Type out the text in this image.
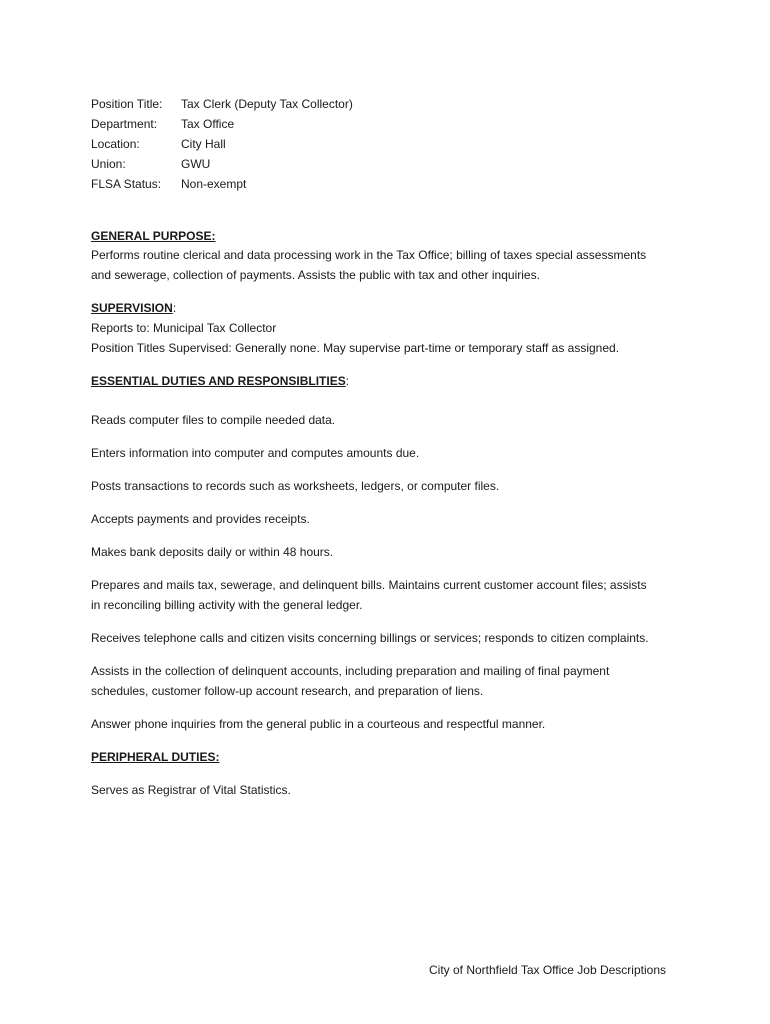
Position Title:	Tax Clerk (Deputy Tax Collector)
Department:	Tax Office
Location:	City Hall
Union:	GWU
FLSA Status:	Non-exempt
GENERAL PURPOSE:
Performs routine clerical and data processing work in the Tax Office; billing of taxes special assessments
and sewerage, collection of payments. Assists the public with tax and other inquiries.
SUPERVISION:
Reports to: Municipal Tax Collector
Position Titles Supervised: Generally none. May supervise part-time or temporary staff as assigned.
ESSENTIAL DUTIES AND RESPONSIBLITIES:
Reads computer files to compile needed data.
Enters information into computer and computes amounts due.
Posts transactions to records such as worksheets, ledgers, or computer files.
Accepts payments and provides receipts.
Makes bank deposits daily or within 48 hours.
Prepares and mails tax, sewerage, and delinquent bills. Maintains current customer account files; assists
in reconciling billing activity with the general ledger.
Receives telephone calls and citizen visits concerning billings or services; responds to citizen complaints.
Assists in the collection of delinquent accounts, including preparation and mailing of final payment
schedules, customer follow-up account research, and preparation of liens.
Answer phone inquiries from the general public in a courteous and respectful manner.
PERIPHERAL DUTIES:
Serves as Registrar of Vital Statistics.
City of Northfield Tax Office Job Descriptions
